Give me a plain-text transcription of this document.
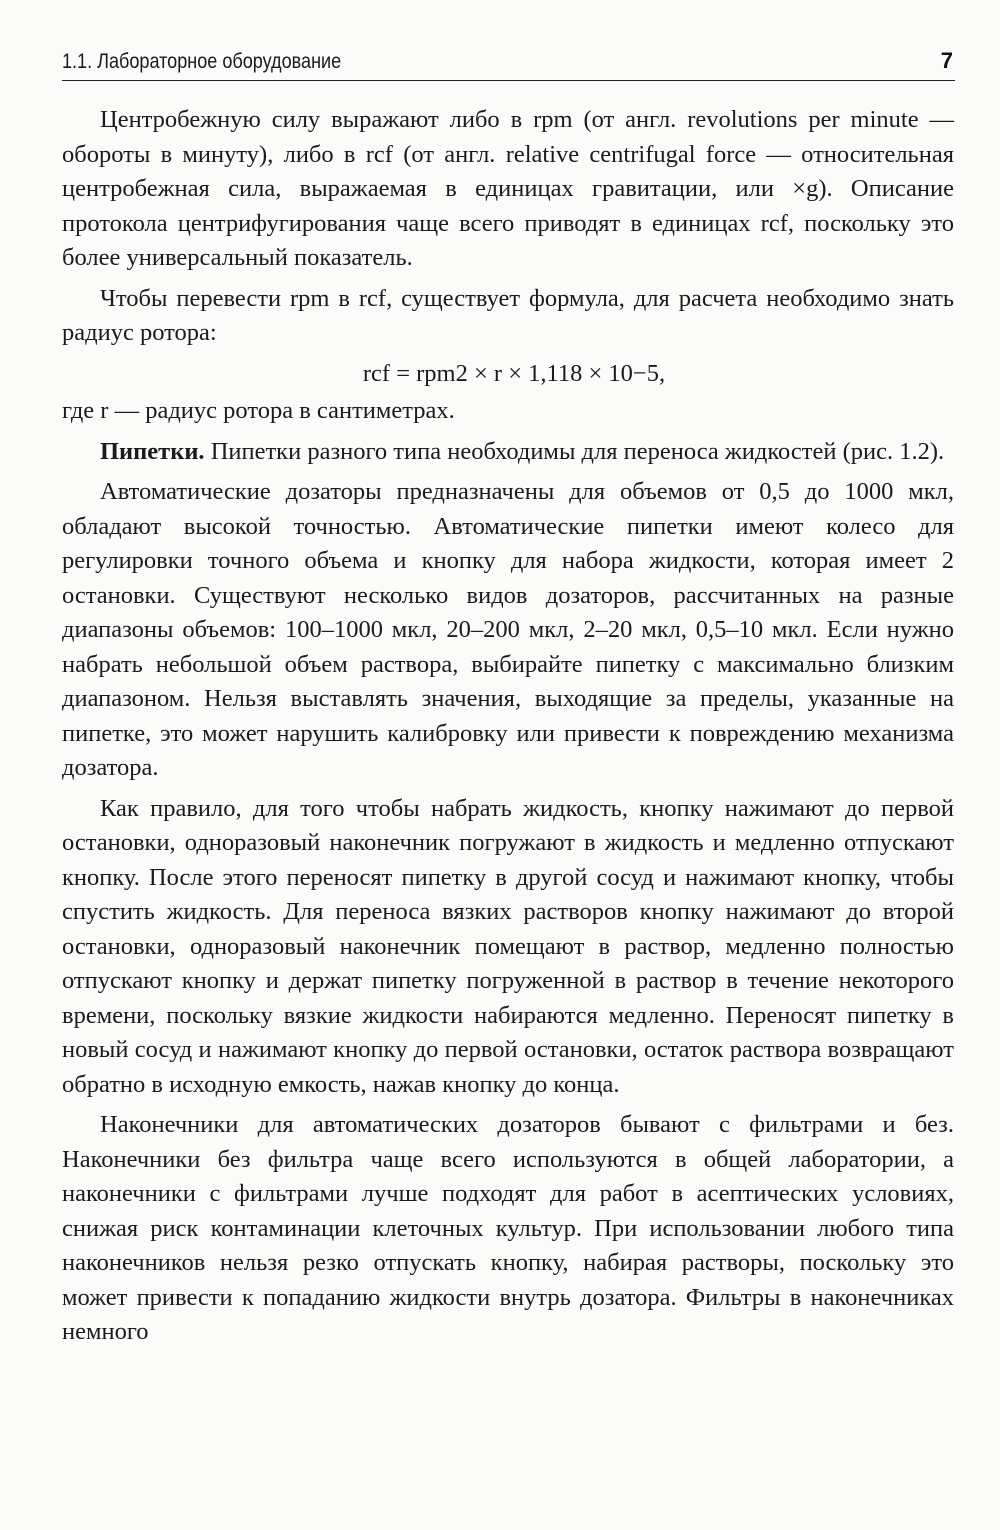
1.1. Лабораторное оборудование	7

Центробежную силу выражают либо в rpm (от англ. revolutions per minute — обороты в минуту), либо в rcf (от англ. relative centrifugal force — относительная центробежная сила, выражаемая в единицах гравитации, или ×g). Описание протокола центрифугирования чаще всего приводят в единицах rcf, поскольку это более универсальный показатель.

Чтобы перевести rpm в rcf, существует формула, для расчета необходимо знать радиус ротора:

rcf = rpm2 × r × 1,118 × 10−5,

где r — радиус ротора в сантиметрах.

Пипетки. Пипетки разного типа необходимы для переноса жидкостей (рис. 1.2).

Автоматические дозаторы предназначены для объемов от 0,5 до 1000 мкл, обладают высокой точностью. Автоматические пипетки имеют колесо для регулировки точного объема и кнопку для набора жидкости, которая имеет 2 остановки. Существуют несколько видов дозаторов, рассчитанных на разные диапазоны объемов: 100–1000 мкл, 20–200 мкл, 2–20 мкл, 0,5–10 мкл. Если нужно набрать небольшой объем раствора, выбирайте пипетку с максимально близким диапазоном. Нельзя выставлять значения, выходящие за пределы, указанные на пипетке, это может нарушить калибровку или привести к повреждению механизма дозатора.

Как правило, для того чтобы набрать жидкость, кнопку нажимают до первой остановки, одноразовый наконечник погружают в жидкость и медленно отпускают кнопку. После этого переносят пипетку в другой сосуд и нажимают кнопку, чтобы спустить жидкость. Для переноса вязких растворов кнопку нажимают до второй остановки, одноразовый наконечник помещают в раствор, медленно полностью отпускают кнопку и держат пипетку погруженной в раствор в течение некоторого времени, поскольку вязкие жидкости набираются медленно. Переносят пипетку в новый сосуд и нажимают кнопку до первой остановки, остаток раствора возвращают обратно в исходную емкость, нажав кнопку до конца.

Наконечники для автоматических дозаторов бывают с фильтрами и без. Наконечники без фильтра чаще всего используются в общей лаборатории, а наконечники с фильтрами лучше подходят для работ в асептических условиях, снижая риск контаминации клеточных культур. При использовании любого типа наконечников нельзя резко отпускать кнопку, набирая растворы, поскольку это может привести к попаданию жидкости внутрь дозатора. Фильтры в наконечниках немного
